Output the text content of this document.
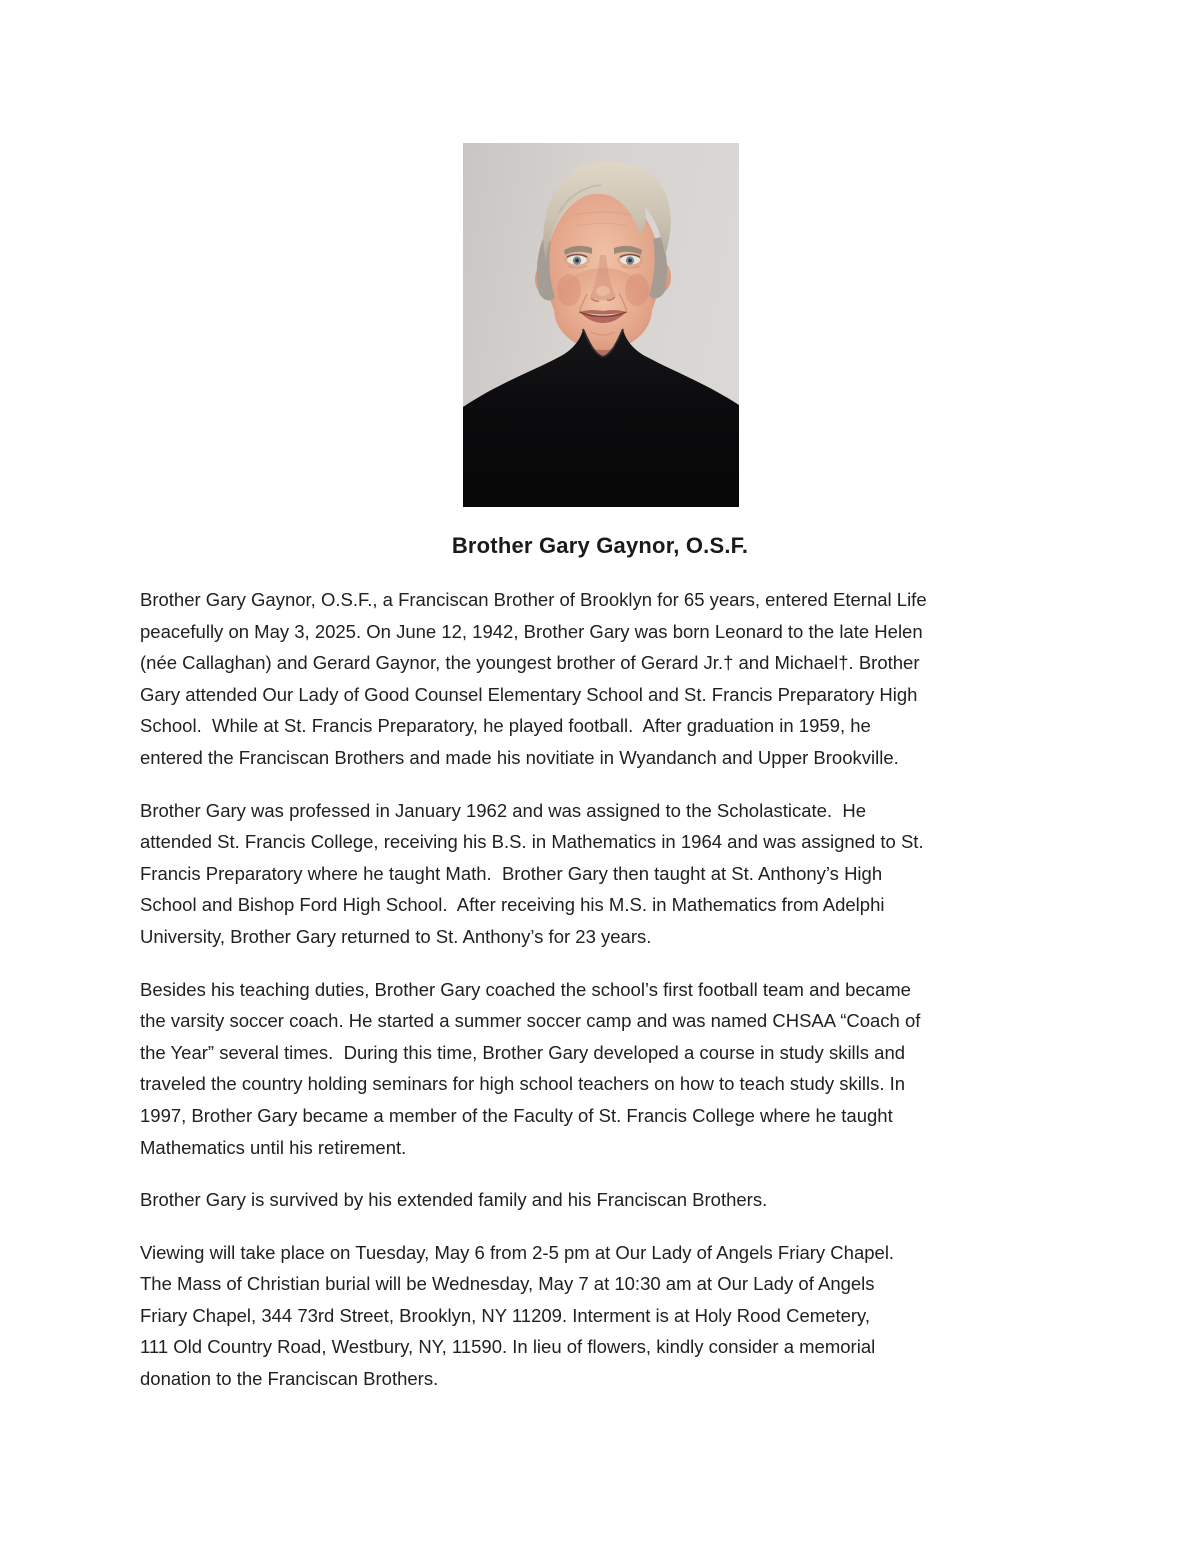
Brother Gary Gaynor, O.S.F.

Brother Gary Gaynor, O.S.F., a Franciscan Brother of Brooklyn for 65 years, entered Eternal Life
peacefully on May 3, 2025. On June 12, 1942, Brother Gary was born Leonard to the late Helen
(née Callaghan) and Gerard Gaynor, the youngest brother of Gerard Jr.† and Michael†. Brother
Gary attended Our Lady of Good Counsel Elementary School and St. Francis Preparatory High
School.  While at St. Francis Preparatory, he played football.  After graduation in 1959, he
entered the Franciscan Brothers and made his novitiate in Wyandanch and Upper Brookville.

Brother Gary was professed in January 1962 and was assigned to the Scholasticate.  He
attended St. Francis College, receiving his B.S. in Mathematics in 1964 and was assigned to St.
Francis Preparatory where he taught Math.  Brother Gary then taught at St. Anthony’s High
School and Bishop Ford High School.  After receiving his M.S. in Mathematics from Adelphi
University, Brother Gary returned to St. Anthony’s for 23 years.

Besides his teaching duties, Brother Gary coached the school’s first football team and became
the varsity soccer coach. He started a summer soccer camp and was named CHSAA “Coach of
the Year” several times.  During this time, Brother Gary developed a course in study skills and
traveled the country holding seminars for high school teachers on how to teach study skills. In
1997, Brother Gary became a member of the Faculty of St. Francis College where he taught
Mathematics until his retirement.

Brother Gary is survived by his extended family and his Franciscan Brothers.

Viewing will take place on Tuesday, May 6 from 2-5 pm at Our Lady of Angels Friary Chapel.
The Mass of Christian burial will be Wednesday, May 7 at 10:30 am at Our Lady of Angels
Friary Chapel, 344 73rd Street, Brooklyn, NY 11209. Interment is at Holy Rood Cemetery,
111 Old Country Road, Westbury, NY, 11590. In lieu of flowers, kindly consider a memorial
donation to the Franciscan Brothers.
